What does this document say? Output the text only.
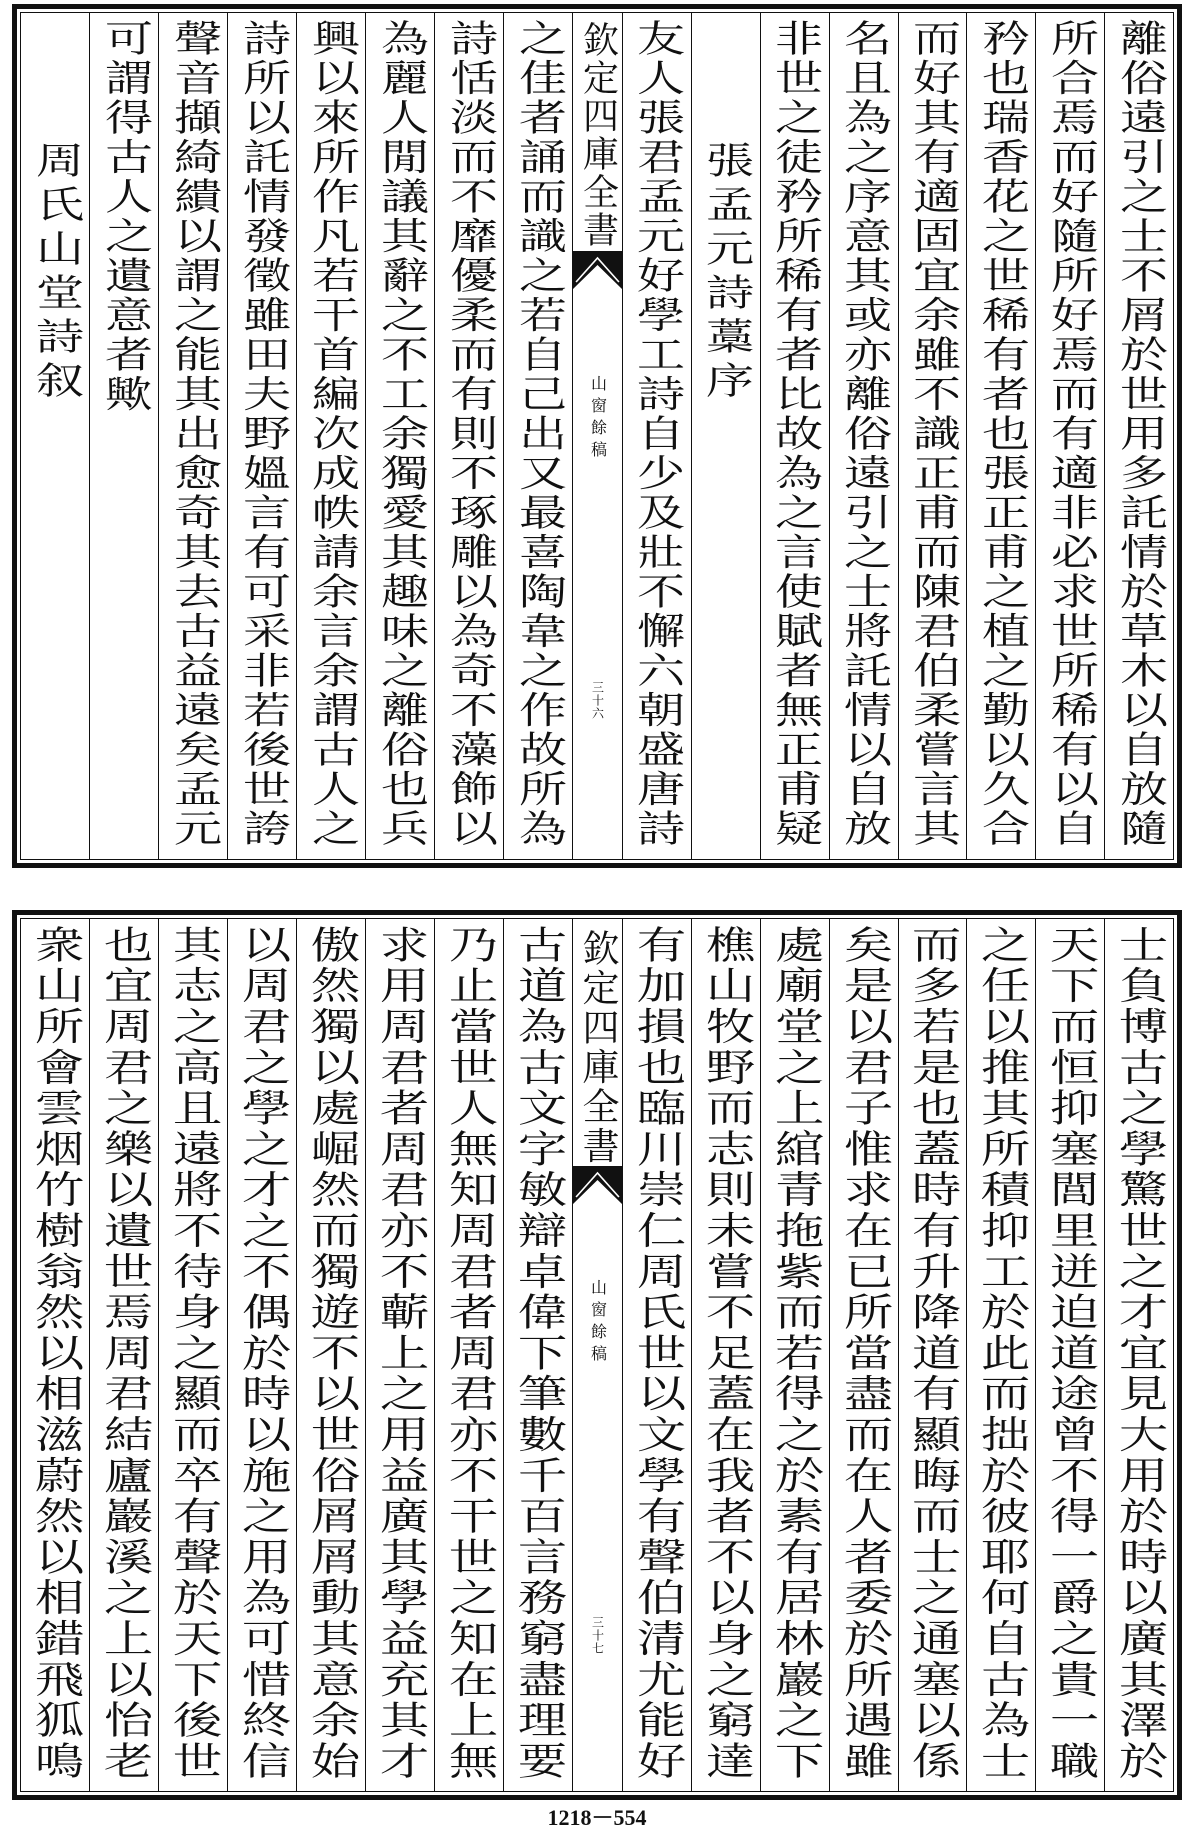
離俗遠引之士不屑於世用多託情於草木以自放隨
所合焉而好隨所好焉而有適非必求世所稀有以自
矜也瑞香花之世稀有者也張正甫之植之勤以久合
而好其有適固宜余雖不識正甫而陳君伯柔嘗言其
名且為之序意其或亦離俗遠引之士將託情以自放
非世之徒矜所稀有者比故為之言使賦者無正甫疑
張孟元詩藁序
友人張君孟元好學工詩自少及壯不懈六朝盛唐詩
欽定四庫全書
山窗餘稿
三十六
之佳者誦而識之若自己出又最喜陶韋之作故所為
詩恬淡而不靡優柔而有則不琢雕以為奇不藻飾以
為麗人閒議其辭之不工余獨愛其趣味之離俗也兵
興以來所作凡若干首編次成帙請余言余謂古人之
詩所以託情發徵雖田夫野媼言有可采非若後世誇
聲音擷綺繢以謂之能其出愈奇其去古益遠矣孟元
可謂得古人之遺意者歟
周氏山堂詩叙
士負博古之學驚世之才宜見大用於時以廣其澤於
天下而恒抑塞閭里迸迫道途曾不得一爵之貴一職
之任以推其所積抑工於此而拙於彼耶何自古為士
而多若是也蓋時有升降道有顯晦而士之通塞以係
矣是以君子惟求在已所當盡而在人者委於所遇雖
處廟堂之上綰青拖紫而若得之於素有居林巖之下
樵山牧野而志則未嘗不足蓋在我者不以身之窮達
有加損也臨川崇仁周氏世以文學有聲伯清尤能好
欽定四庫全書
山窗餘稿
三十七
古道為古文字敏辯卓偉下筆數千百言務窮盡理要
乃止當世人無知周君者周君亦不干世之知在上無
求用周君者周君亦不蘄上之用益廣其學益充其才
傲然獨以處崛然而獨遊不以世俗屑屑動其意余始
以周君之學之才之不偶於時以施之用為可惜終信
其志之高且遠將不待身之顯而卒有聲於天下後世
也宜周君之樂以遺世焉周君結廬巖溪之上以怡老
衆山所會雲烟竹樹翁然以相滋蔚然以相錯飛狐鳴
1218－554
